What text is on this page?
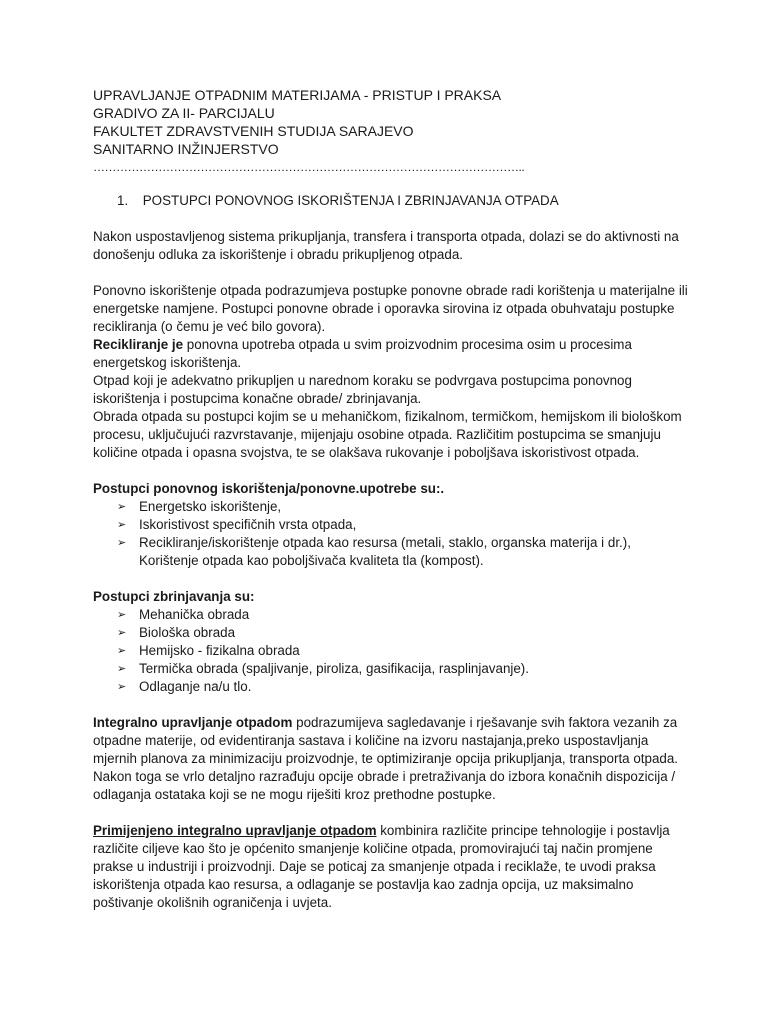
UPRAVLJANJE OTPADNIM MATERIJAMA - PRISTUP I PRAKSA
GRADIVO ZA II- PARCIJALU
FAKULTET ZDRAVSTVENIH STUDIJA SARAJEVO
SANITARNO INŽINJERSTVO
…………………………………………………………………………………………………..
1. POSTUPCI PONOVNOG ISKORIŠTENJA I ZBRINJAVANJA OTPADA

Nakon uspostavljenog sistema prikupljanja, transfera i transporta otpada, dolazi se do aktivnosti na donošenju odluka za iskorištenje i obradu prikupljenog otpada.

Ponovno iskorištenje otpada podrazumjeva postupke ponovne obrade radi korištenja u materijalne ili energetske namjene. Postupci ponovne obrade i oporavka sirovina iz otpada obuhvataju postupke recikliranja (o čemu je već bilo govora).

Recikliranje je ponovna upotreba otpada u svim proizvodnim procesima osim u procesima energetskog iskorištenja.

Otpad koji je adekvatno prikupljen u narednom koraku se podvrgava postupcima ponovnog iskorištenja i postupcima konačne obrade/ zbrinjavanja.

Obrada otpada su postupci kojim se u mehaničkom, fizikalnom, termičkom, hemijskom ili biološkom procesu, uključujući razvrstavanje, mijenjaju osobine otpada. Različitim postupcima se smanjuju količine otpada i opasna svojstva, te se olakšava rukovanje i poboljšava iskoristivost otpada.

Postupci ponovnog iskorištenja/ponovne.upotrebe su:.

➢ Energetsko iskorištenje,
➢ Iskoristivost specifičnih vrsta otpada,
➢ Recikliranje/iskorištenje otpada kao resursa (metali, staklo, organska materija i dr.), Korištenje otpada kao poboljšivača kvaliteta tla (kompost).

Postupci zbrinjavanja su:

➢ Mehanička obrada
➢ Biološka obrada
➢ Hemijsko - fizikalna obrada
➢ Termička obrada (spaljivanje, piroliza, gasifikacija, rasplinjavanje).
➢ Odlaganje na/u tlo.

Integralno upravljanje otpadom podrazumijeva sagledavanje i rješavanje svih faktora vezanih za otpadne materije, od evidentiranja sastava i količine na izvoru nastajanja,preko uspostavljanja mjernih planova za minimizaciju proizvodnje, te optimiziranje opcija prikupljanja, transporta otpada. Nakon toga se vrlo detaljno razrađuju opcije obrade i pretraživanja do izbora konačnih dispozicija / odlaganja ostataka koji se ne mogu riješiti kroz prethodne postupke.

Primijenjeno integralno upravljanje otpadom kombinira različite principe tehnologije i postavlja različite ciljeve kao što je općenito smanjenje količine otpada, promovirajući taj način promjene prakse u industriji i proizvodnji. Daje se poticaj za smanjenje otpada i reciklaže, te uvodi praksa iskorištenja otpada kao resursa, a odlaganje se postavlja kao zadnja opcija, uz maksimalno poštivanje okolišnih ograničenja i uvjeta.
